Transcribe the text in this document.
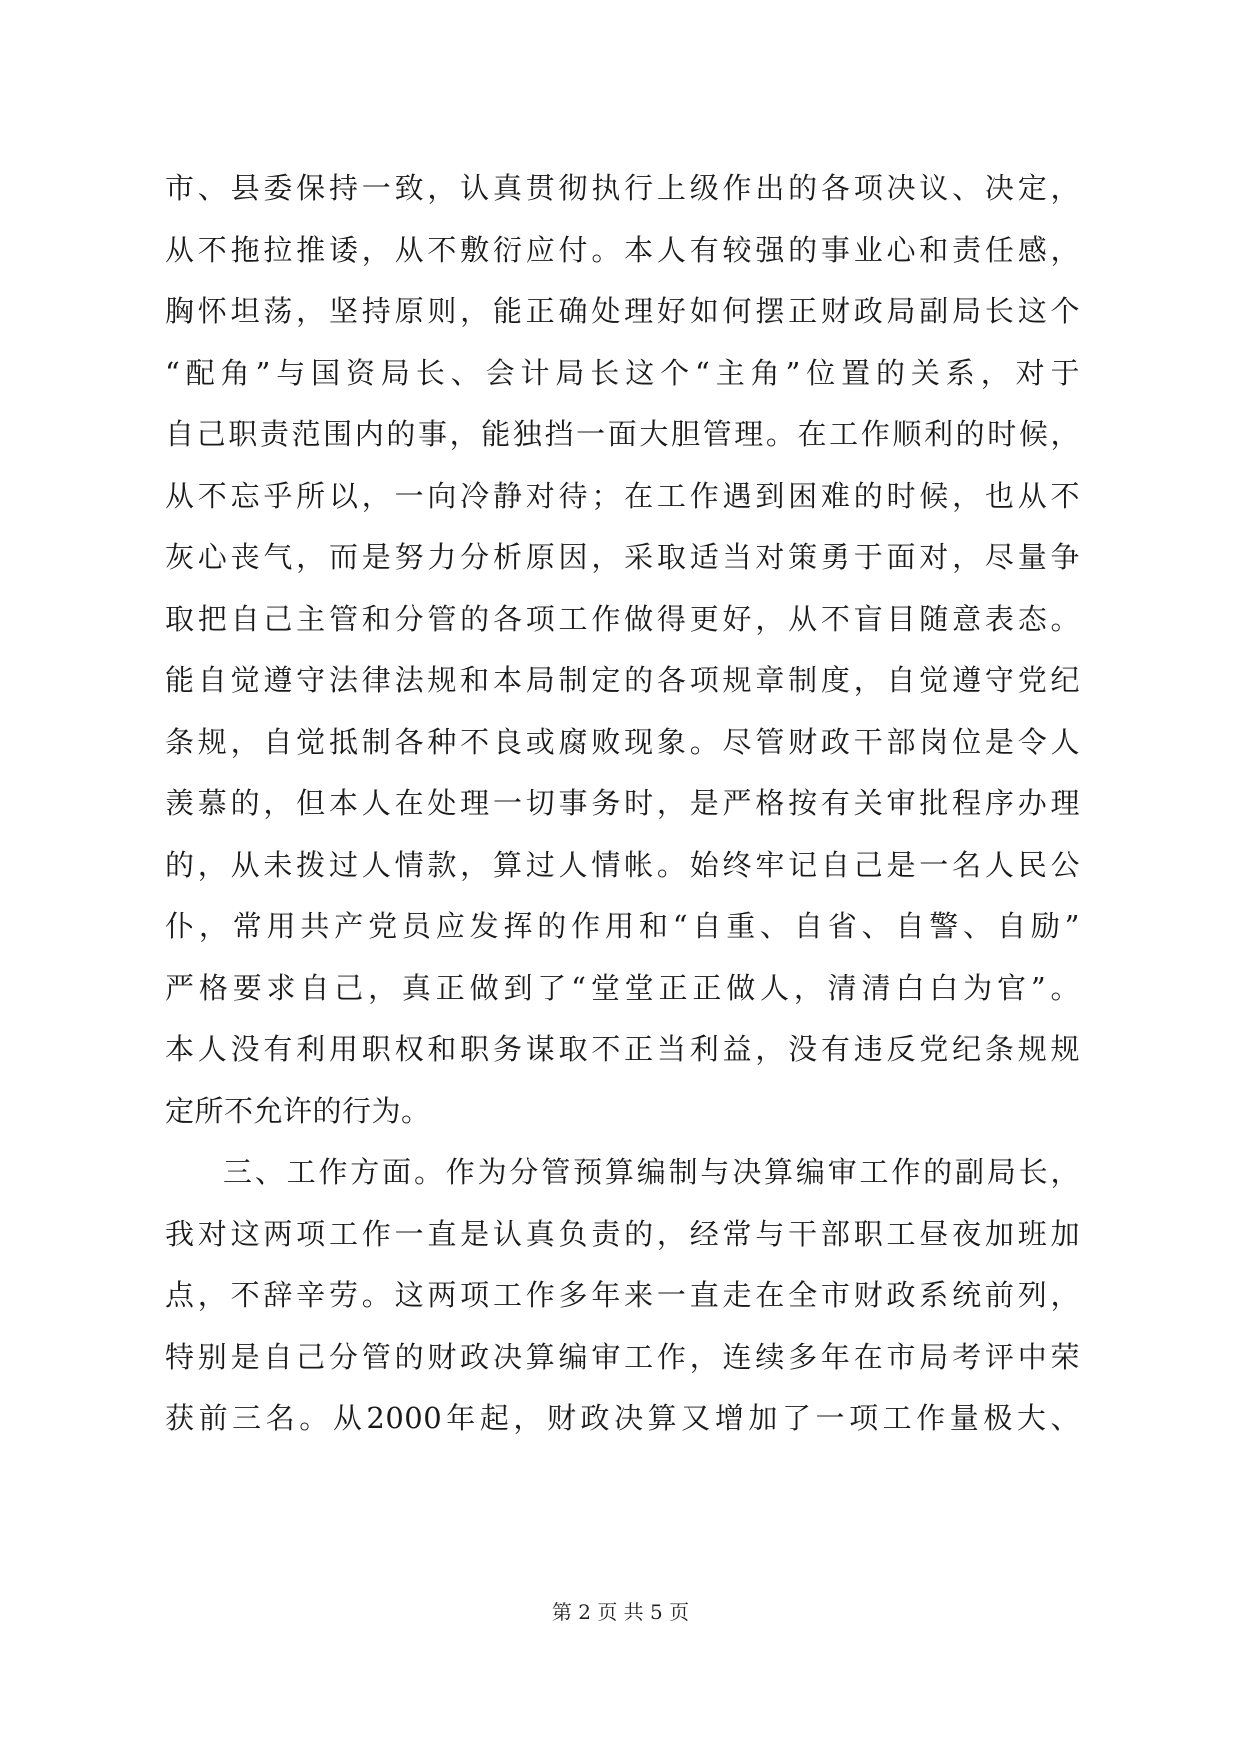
市、县委保持一致，认真贯彻执行上级作出的各项决议、决定，
从不拖拉推诿，从不敷衍应付。本人有较强的事业心和责任感，
胸怀坦荡，坚持原则，能正确处理好如何摆正财政局副局长这个
“配角”与国资局长、会计局长这个“主角”位置的关系，对于
自己职责范围内的事，能独挡一面大胆管理。在工作顺利的时候，
从不忘乎所以，一向冷静对待；在工作遇到困难的时候，也从不
灰心丧气，而是努力分析原因，采取适当对策勇于面对，尽量争
取把自己主管和分管的各项工作做得更好，从不盲目随意表态。
能自觉遵守法律法规和本局制定的各项规章制度，自觉遵守党纪
条规，自觉抵制各种不良或腐败现象。尽管财政干部岗位是令人
羡慕的，但本人在处理一切事务时，是严格按有关审批程序办理
的，从未拨过人情款，算过人情帐。始终牢记自己是一名人民公
仆，常用共产党员应发挥的作用和“自重、自省、自警、自励”
严格要求自己，真正做到了“堂堂正正做人，清清白白为官”。
本人没有利用职权和职务谋取不正当利益，没有违反党纪条规规
定所不允许的行为。
三、工作方面。作为分管预算编制与决算编审工作的副局长，
我对这两项工作一直是认真负责的，经常与干部职工昼夜加班加
点，不辞辛劳。这两项工作多年来一直走在全市财政系统前列，
特别是自己分管的财政决算编审工作，连续多年在市局考评中荣
获前三名。从2000年起，财政决算又增加了一项工作量极大、
第 2 页 共 5 页
